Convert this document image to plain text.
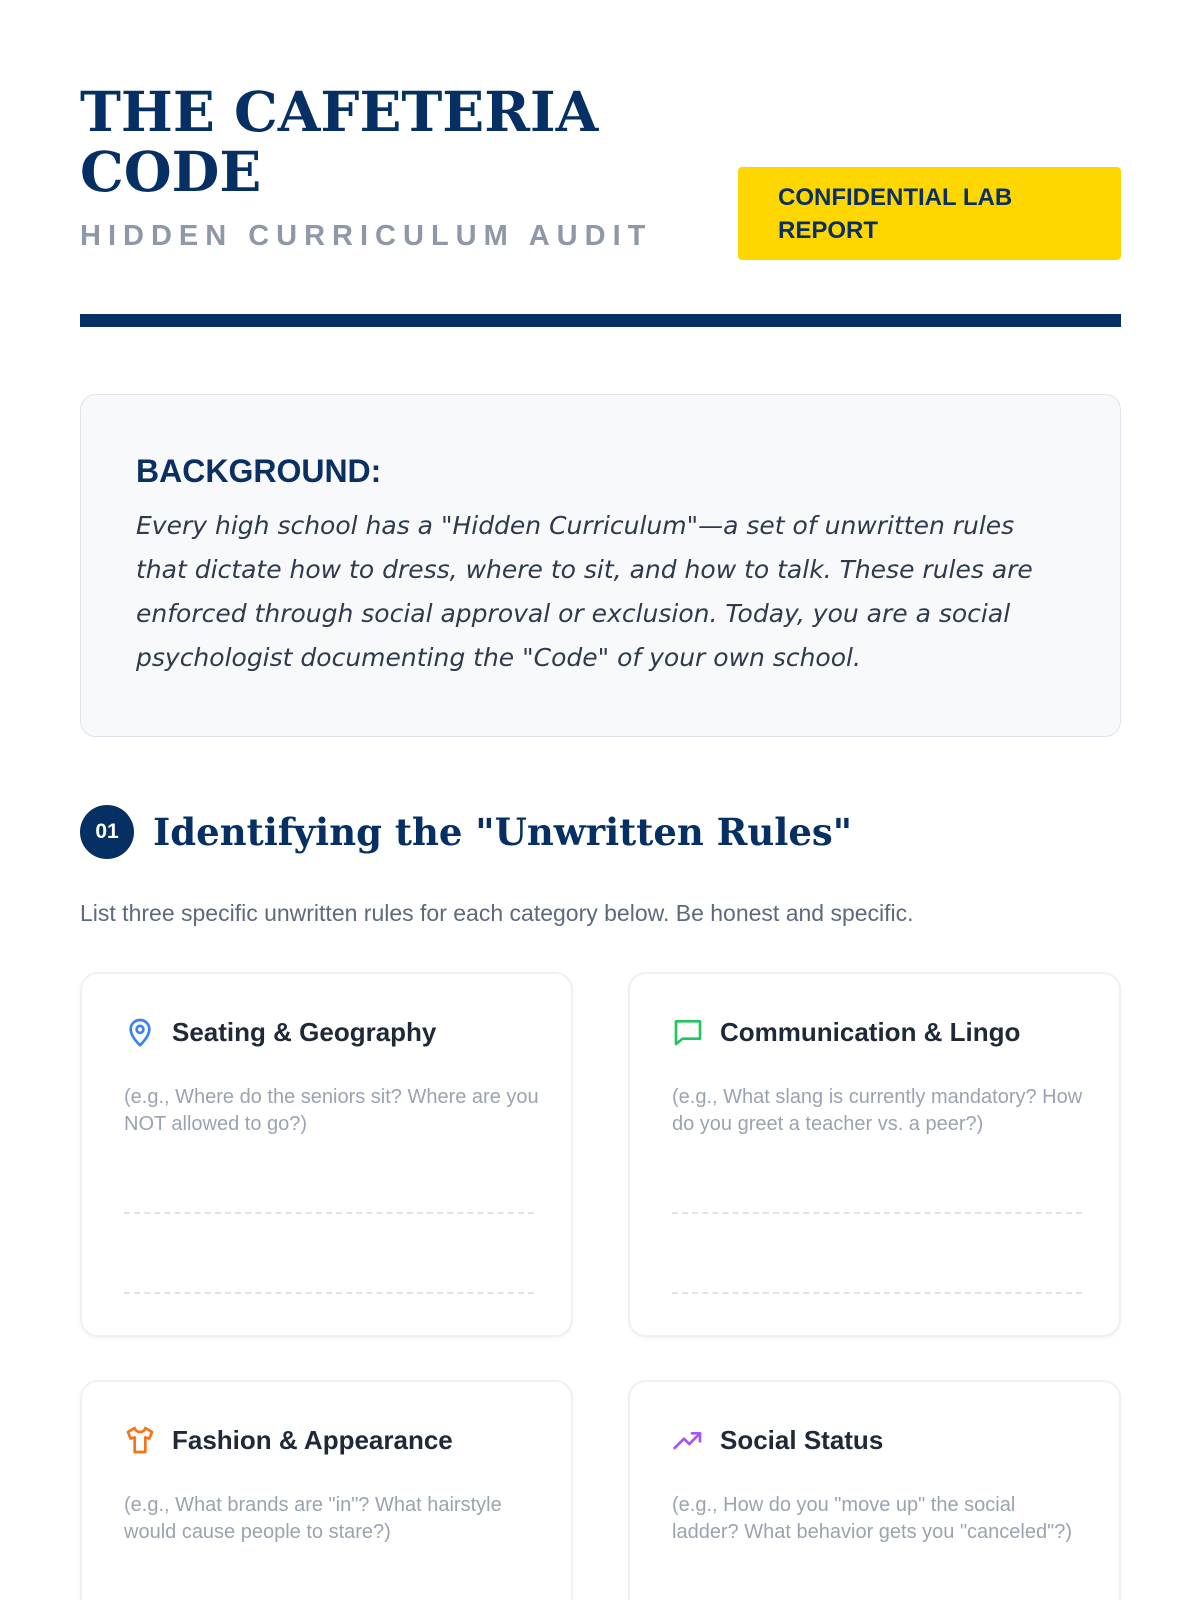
THE CAFETERIA
CODE
HIDDEN CURRICULUM AUDIT
CONFIDENTIAL LAB
REPORT
BACKGROUND:

Every high school has a "Hidden Curriculum"—a set of unwritten rules that dictate how to dress, where to sit, and how to talk. These rules are enforced through social approval or exclusion. Today, you are a social psychologist documenting the "Code" of your own school.

01 Identifying the "Unwritten Rules"
List three specific unwritten rules for each category below. Be honest and specific.
Seating & Geography
(e.g., Where do the seniors sit? Where are you NOT allowed to go?)
Communication & Lingo
(e.g., What slang is currently mandatory? How do you greet a teacher vs. a peer?)
Fashion & Appearance
(e.g., What brands are "in"? What hairstyle would cause people to stare?)
Social Status
(e.g., How do you "move up" the social ladder? What behavior gets you "canceled"?)
